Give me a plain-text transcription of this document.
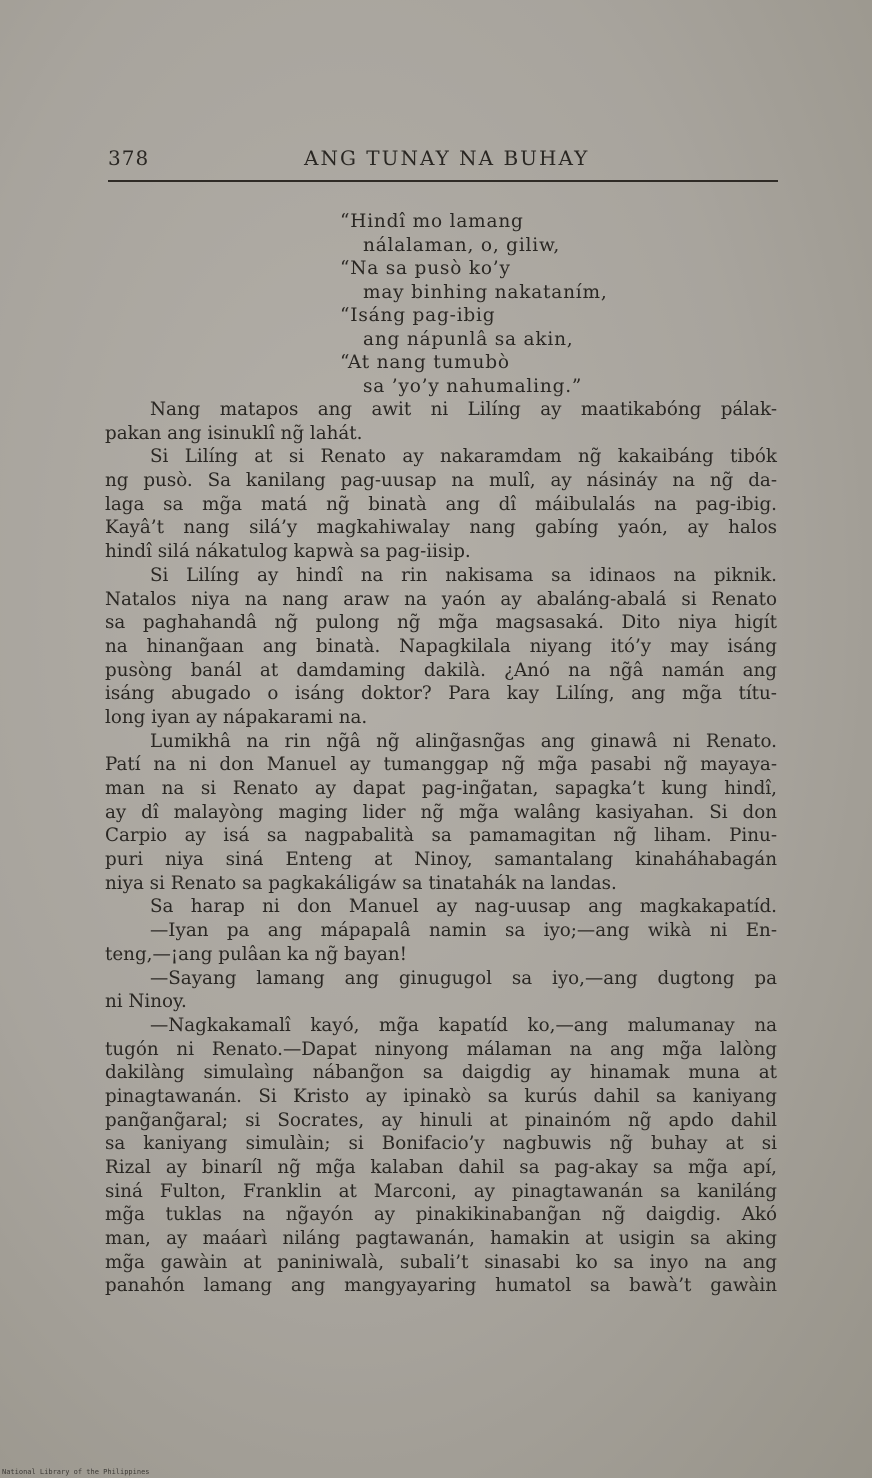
378	ANG TUNAY NA BUHAY
“Hindî mo lamang
nálalaman, o, giliw,
“Na sa pusò ko’y
may binhing nakataním,
“Isáng pag-ibig
ang nápunlâ sa akin,
“At nang tumubò
sa ’yo’y nahumaling.”
Nang matapos ang awit ni Lilíng ay maatikabóng pálak-
pakan ang isinuklî ng̃ lahát.
Si Lilíng at si Renato ay nakaramdam ng̃ kakaibáng tibók
ng pusò. Sa kanilang pag-uusap na mulî, ay násináy na ng̃ da-
laga sa mg̃a matá ng̃ binatà ang dî máibulalás na pag-ibig.
Kayâ’t nang silá’y magkahiwalay nang gabíng yaón, ay halos
hindî silá nákatulog kapwà sa pag-iisip.
Si Lilíng ay hindî na rin nakisama sa idinaos na piknik.
Natalos niya na nang araw na yaón ay abaláng-abalá si Renato
sa paghahandâ ng̃ pulong ng̃ mg̃a magsasaká. Dito niya higít
na hinang̃aan ang binatà. Napagkilala niyang itó’y may isáng
pusòng banál at damdaming dakilà. ¿Anó na ng̃â namán ang
isáng abugado o isáng doktor? Para kay Lilíng, ang mg̃a títu-
long iyan ay nápakarami na.
Lumikhâ na rin ng̃â ng̃ aling̃asng̃as ang ginawâ ni Renato.
Patí na ni don Manuel ay tumanggap ng̃ mg̃a pasabi ng̃ mayaya-
man na si Renato ay dapat pag-ing̃atan, sapagka’t kung hindî,
ay dî malayòng maging lider ng̃ mg̃a walâng kasiyahan. Si don
Carpio ay isá sa nagpabalità sa pamamagitan ng̃ liham. Pinu-
puri niya siná Enteng at Ninoy, samantalang kinaháhabagán
niya si Renato sa pagkakáligáw sa tinatahák na landas.
Sa harap ni don Manuel ay nag-uusap ang magkakapatíd.
—Iyan pa ang mápapalâ namin sa iyo;—ang wikà ni En-
teng,—¡ang pulâan ka ng̃ bayan!
—Sayang lamang ang ginugugol sa iyo,—ang dugtong pa
ni Ninoy.
—Nagkakamalî kayó, mg̃a kapatíd ko,—ang malumanay na
tugón ni Renato.—Dapat ninyong málaman na ang mg̃a lalòng
dakilàng simulaìng nábang̃on sa daigdig ay hinamak muna at
pinagtawanán. Si Kristo ay ipinakò sa kurús dahil sa kaniyang
pang̃ang̃aral; si Socrates, ay hinuli at pinainóm ng̃ apdo dahil
sa kaniyang simulàin; si Bonifacio’y nagbuwis ng̃ buhay at si
Rizal ay binaríl ng̃ mg̃a kalaban dahil sa pag-akay sa mg̃a apí,
siná Fulton, Franklin at Marconi, ay pinagtawanán sa kaniláng
mg̃a tuklas na ng̃ayón ay pinakikinabang̃an ng̃ daigdig. Akó
man, ay maáarì niláng pagtawanán, hamakin at usigin sa aking
mg̃a gawàin at paniniwalà, subali’t sinasabi ko sa inyo na ang
panahón lamang ang mangyayaring humatol sa bawà’t gawàin
National Library of the Philippines
